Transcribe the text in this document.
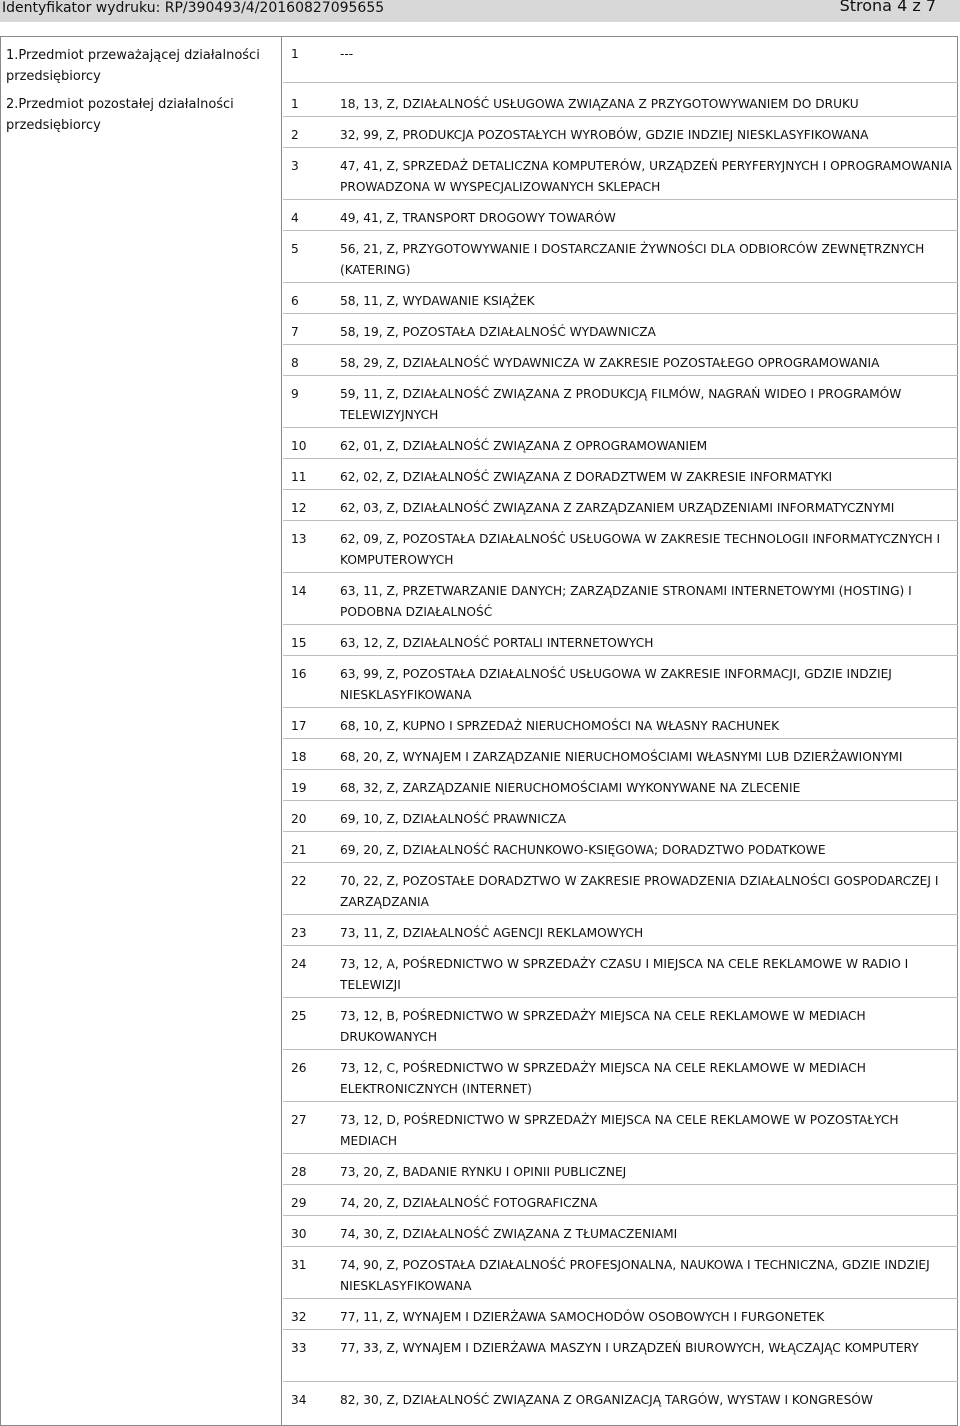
Identyfikator wydruku: RP/390493/4/20160827095655	Strona 4 z 7
1.Przedmiot przeważającej działalności przedsiębiorcy
2.Przedmiot pozostałej działalności przedsiębiorcy
1	---
1	18, 13, Z, DZIAŁALNOŚĆ USŁUGOWA ZWIĄZANA Z PRZYGOTOWYWANIEM DO DRUKU
2	32, 99, Z, PRODUKCJA POZOSTAŁYCH WYROBÓW, GDZIE INDZIEJ NIESKLASYFIKOWANA
3	47, 41, Z, SPRZEDAŻ DETALICZNA KOMPUTERÓW, URZĄDZEŃ PERYFERYJNYCH I OPROGRAMOWANIA PROWADZONA W WYSPECJALIZOWANYCH SKLEPACH
4	49, 41, Z, TRANSPORT DROGOWY TOWARÓW
5	56, 21, Z, PRZYGOTOWYWANIE I DOSTARCZANIE ŻYWNOŚCI DLA ODBIORCÓW ZEWNĘTRZNYCH (KATERING)
6	58, 11, Z, WYDAWANIE KSIĄŻEK
7	58, 19, Z, POZOSTAŁA DZIAŁALNOŚĆ WYDAWNICZA
8	58, 29, Z, DZIAŁALNOŚĆ WYDAWNICZA W ZAKRESIE POZOSTAŁEGO OPROGRAMOWANIA
9	59, 11, Z, DZIAŁALNOŚĆ ZWIĄZANA Z PRODUKCJĄ FILMÓW, NAGRAŃ WIDEO I PROGRAMÓW TELEWIZYJNYCH
10	62, 01, Z, DZIAŁALNOŚĆ ZWIĄZANA Z OPROGRAMOWANIEM
11	62, 02, Z, DZIAŁALNOŚĆ ZWIĄZANA Z DORADZTWEM W ZAKRESIE INFORMATYKI
12	62, 03, Z, DZIAŁALNOŚĆ ZWIĄZANA Z ZARZĄDZANIEM URZĄDZENIAMI INFORMATYCZNYMI
13	62, 09, Z, POZOSTAŁA DZIAŁALNOŚĆ USŁUGOWA W ZAKRESIE TECHNOLOGII INFORMATYCZNYCH I KOMPUTEROWYCH
14	63, 11, Z, PRZETWARZANIE DANYCH; ZARZĄDZANIE STRONAMI INTERNETOWYMI (HOSTING) I PODOBNA DZIAŁALNOŚĆ
15	63, 12, Z, DZIAŁALNOŚĆ PORTALI INTERNETOWYCH
16	63, 99, Z, POZOSTAŁA DZIAŁALNOŚĆ USŁUGOWA W ZAKRESIE INFORMACJI, GDZIE INDZIEJ NIESKLASYFIKOWANA
17	68, 10, Z, KUPNO I SPRZEDAŻ NIERUCHOMOŚCI NA WŁASNY RACHUNEK
18	68, 20, Z, WYNAJEM I ZARZĄDZANIE NIERUCHOMOŚCIAMI WŁASNYMI LUB DZIERŻAWIONYMI
19	68, 32, Z, ZARZĄDZANIE NIERUCHOMOŚCIAMI WYKONYWANE NA ZLECENIE
20	69, 10, Z, DZIAŁALNOŚĆ PRAWNICZA
21	69, 20, Z, DZIAŁALNOŚĆ RACHUNKOWO-KSIĘGOWA; DORADZTWO PODATKOWE
22	70, 22, Z, POZOSTAŁE DORADZTWO W ZAKRESIE PROWADZENIA DZIAŁALNOŚCI GOSPODARCZEJ I ZARZĄDZANIA
23	73, 11, Z, DZIAŁALNOŚĆ AGENCJI REKLAMOWYCH
24	73, 12, A, POŚREDNICTWO W SPRZEDAŻY CZASU I MIEJSCA NA CELE REKLAMOWE W RADIO I TELEWIZJI
25	73, 12, B, POŚREDNICTWO W SPRZEDAŻY MIEJSCA NA CELE REKLAMOWE W MEDIACH DRUKOWANYCH
26	73, 12, C, POŚREDNICTWO W SPRZEDAŻY MIEJSCA NA CELE REKLAMOWE W MEDIACH ELEKTRONICZNYCH (INTERNET)
27	73, 12, D, POŚREDNICTWO W SPRZEDAŻY MIEJSCA NA CELE REKLAMOWE W POZOSTAŁYCH MEDIACH
28	73, 20, Z, BADANIE RYNKU I OPINII PUBLICZNEJ
29	74, 20, Z, DZIAŁALNOŚĆ FOTOGRAFICZNA
30	74, 30, Z, DZIAŁALNOŚĆ ZWIĄZANA Z TŁUMACZENIAMI
31	74, 90, Z, POZOSTAŁA DZIAŁALNOŚĆ PROFESJONALNA, NAUKOWA I TECHNICZNA, GDZIE INDZIEJ NIESKLASYFIKOWANA
32	77, 11, Z, WYNAJEM I DZIERŻAWA SAMOCHODÓW OSOBOWYCH I FURGONETEK
33	77, 33, Z, WYNAJEM I DZIERŻAWA MASZYN I URZĄDZEŃ BIUROWYCH, WŁĄCZAJĄC KOMPUTERY
34	82, 30, Z, DZIAŁALNOŚĆ ZWIĄZANA Z ORGANIZACJĄ TARGÓW, WYSTAW I KONGRESÓW
